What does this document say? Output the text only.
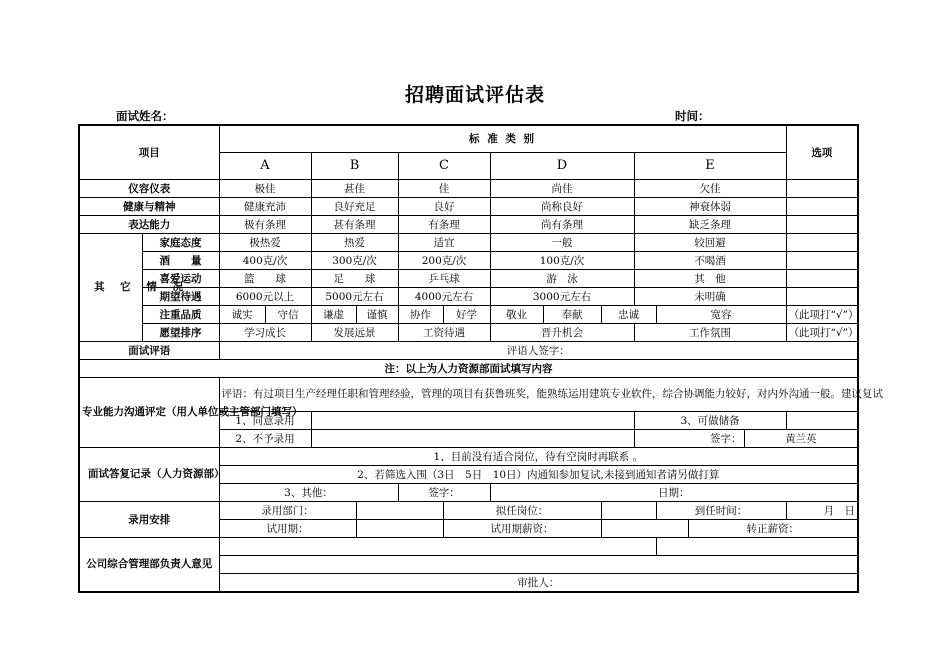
招聘面试评估表
面试姓名：	时间：
项目		标 准 类 别													选项
		A		B		C		D			E				
仪容仪表		极佳		甚佳		佳		尚佳			欠佳				
健康与精神		健康充沛		良好充足		良好		尚称良好			神衰体弱				
表达能力		极有条理		甚有条理		有条理		尚有条理			缺乏条理				
其 它 情 况	家庭态度	极热爱		热爱		适宜		一般			较回避				
	酒　　量	400克/次		300克/次		200克/次		100克/次			不喝酒				
	喜爱运动	篮　　球		足　　球		乒乓球		游　泳			其　他				
	期望待遇	6000元以上		5000元左右		4000元左右		3000元左右			未明确				
	注重品质	诚实	守信	谦虚	谨慎	协作	好学	敬业	奉献	忠诚		宽容			（此项打“√”）
	愿望排序	学习成长		发展远景		工资待遇		晋升机会			工作氛围				（此项打“√”）
面试评语		评语人签字：													
注：以上为人力资源部面试填写内容															
专业能力沟通评定（用人单位或主管部门填写）		评语：有过项目生产经理任职和管理经验，管理的项目有获鲁班奖，能熟练运用建筑专业软件，综合协调能力较好，对内外沟通一般。建议复试													
		1、同意录用									3、可做储备				
		2、不予录用									签字：			黄兰英	
面试答复记录（人力资源部）		1、目前没有适合岗位，待有空岗时再联系 。													
		2、若筛选入围（3日　5日　10日）内通知参加复试,未接到通知者请另做打算													
		3、其他：				签字：		日期：							
录用安排		录用部门：					拟任岗位：					到任时间：			月　日
		试用期：					试用期薪资：						转正薪资：		
公司综合管理部负责人意见															

		审批人：													
